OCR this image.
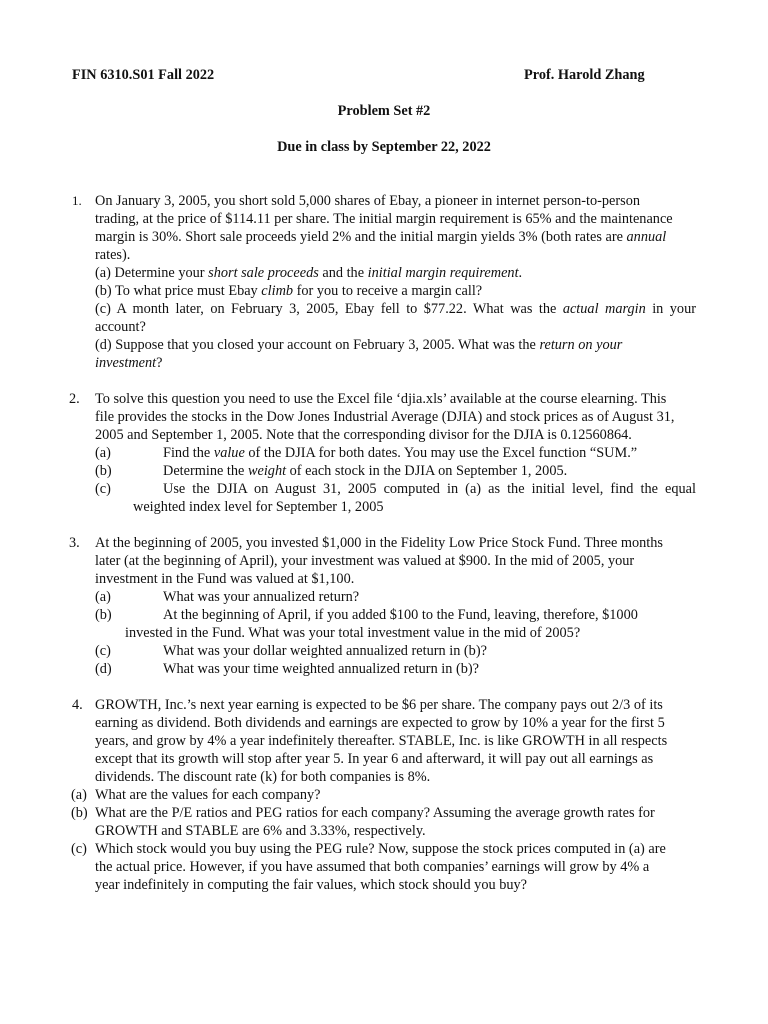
FIN 6310.S01 Fall 2022	Prof. Harold Zhang
Problem Set #2
Due in class by September 22, 2022
1. On January 3, 2005, you short sold 5,000 shares of Ebay, a pioneer in internet person-to-person
trading, at the price of $114.11 per share. The initial margin requirement is 65% and the maintenance
margin is 30%. Short sale proceeds yield 2% and the initial margin yields 3% (both rates are annual
rates).
(a) Determine your short sale proceeds and the initial margin requirement.
(b) To what price must Ebay climb for you to receive a margin call?
(c) A month later, on February 3, 2005, Ebay fell to $77.22. What was the actual margin in your
account?
(d) Suppose that you closed your account on February 3, 2005. What was the return on your
investment?
2. To solve this question you need to use the Excel file ‘djia.xls’ available at the course elearning. This
file provides the stocks in the Dow Jones Industrial Average (DJIA) and stock prices as of August 31,
2005 and September 1, 2005. Note that the corresponding divisor for the DJIA is 0.12560864.
(a)	Find the value of the DJIA for both dates. You may use the Excel function “SUM.”
(b)	Determine the weight of each stock in the DJIA on September 1, 2005.
(c)	Use the DJIA on August 31, 2005 computed in (a) as the initial level, find the equal
weighted index level for September 1, 2005
3. At the beginning of 2005, you invested $1,000 in the Fidelity Low Price Stock Fund. Three months
later (at the beginning of April), your investment was valued at $900. In the mid of 2005, your
investment in the Fund was valued at $1,100.
(a)	What was your annualized return?
(b)	At the beginning of April, if you added $100 to the Fund, leaving, therefore, $1000
invested in the Fund. What was your total investment value in the mid of 2005?
(c)	What was your dollar weighted annualized return in (b)?
(d)	What was your time weighted annualized return in (b)?
4. GROWTH, Inc.’s next year earning is expected to be $6 per share. The company pays out 2/3 of its
earning as dividend. Both dividends and earnings are expected to grow by 10% a year for the first 5
years, and grow by 4% a year indefinitely thereafter. STABLE, Inc. is like GROWTH in all respects
except that its growth will stop after year 5. In year 6 and afterward, it will pay out all earnings as
dividends. The discount rate (k) for both companies is 8%.
(a) What are the values for each company?
(b) What are the P/E ratios and PEG ratios for each company? Assuming the average growth rates for
GROWTH and STABLE are 6% and 3.33%, respectively.
(c) Which stock would you buy using the PEG rule? Now, suppose the stock prices computed in (a) are
the actual price. However, if you have assumed that both companies’ earnings will grow by 4% a
year indefinitely in computing the fair values, which stock should you buy?
